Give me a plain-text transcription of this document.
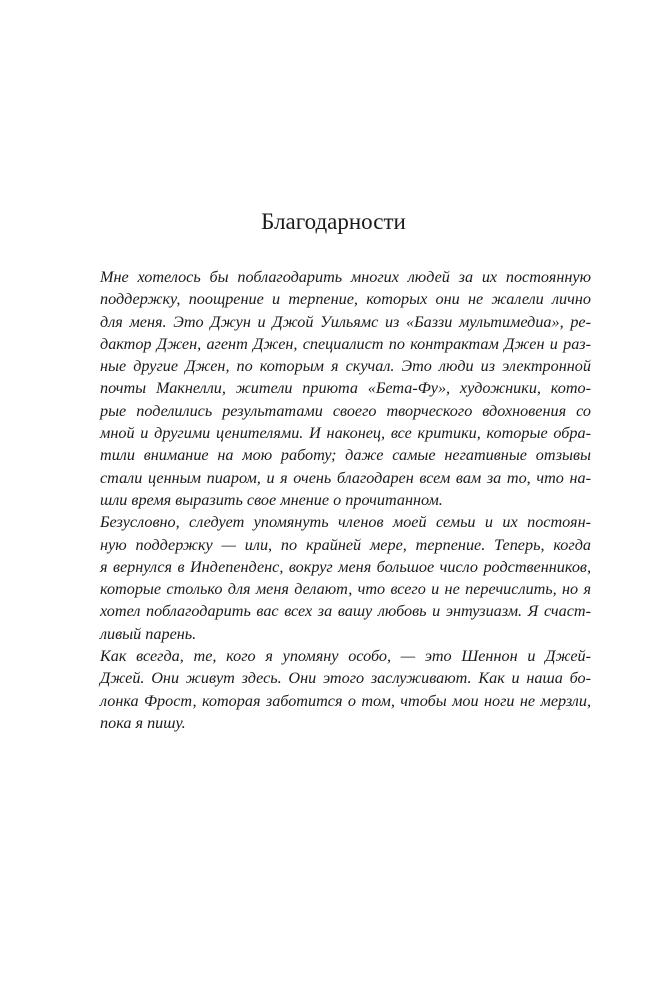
Благодарности

Мне хотелось бы поблагодарить многих людей за их постоянную
поддержку, поощрение и терпение, которых они не жалели лично
для меня. Это Джун и Джой Уильямс из «Баззи мультимедиа», ре-
дактор Джен, агент Джен, специалист по контрактам Джен и раз-
ные другие Джен, по которым я скучал. Это люди из электронной
почты Макнелли, жители приюта «Бета-Фу», художники, кото-
рые поделились результатами своего творческого вдохновения со
мной и другими ценителями. И наконец, все критики, которые обра-
тили внимание на мою работу; даже самые негативные отзывы
стали ценным пиаром, и я очень благодарен всем вам за то, что на-
шли время выразить свое мнение о прочитанном.

Безусловно, следует упомянуть членов моей семьи и их постоян-
ную поддержку — или, по крайней мере, терпение. Теперь, когда
я вернулся в Индепенденс, вокруг меня большое число родственников,
которые столько для меня делают, что всего и не перечислить, но я
хотел поблагодарить вас всех за вашу любовь и энтузиазм. Я счаст-
ливый парень.

Как всегда, те, кого я упомяну особо, — это Шеннон и Джей-
Джей. Они живут здесь. Они этого заслуживают. Как и наша бо-
лонка Фрост, которая заботится о том, чтобы мои ноги не мерзли,
пока я пишу.
